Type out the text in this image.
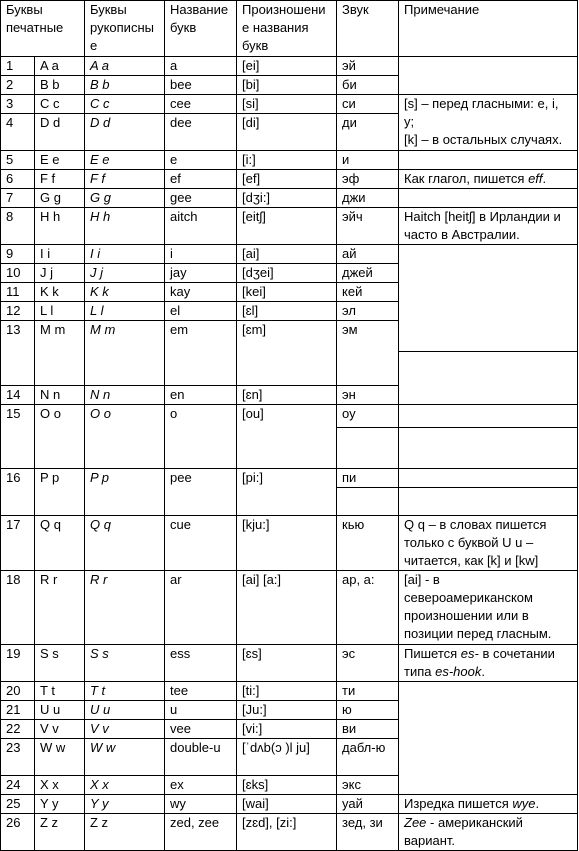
Буквы печатные		Буквы рукописные	Название букв	Произношение названия букв	Звук	Примечание
1	A a	A a	a	[ei]	эй	
2	B b	B b	bee	[bi]	би	
3	C c	C c	cee	[si]	си	[s] – перед гласными: e, i, y;
[k] – в остальных случаях.

4	D d	D d	dee	[di]	ди	
5	E e	E e	e	[i:]	и	
6	F f	F f	ef	[ef]	эф	Как глагол, пишется eff.
7	G g	G g	gee	[dʒi:]	джи	
8	H h	H h	aitch	[eitʃ]	эйч	Haitch [heitʃ] в Ирландии и часто в Австралии.
9	I i	I i	i	[ai]	ай	
10	J j	J j	jay	[dʒei]	джей	
11	K k	K k	kay	[kei]	кей	
12	L l	L l	el	[ɛl]	эл	
13	M m	M m	em	[ɛm]	эм	

14	N n	N n	en	[ɛn]	эн	
15	O o	O o	o	[ou]	оу	

16	P p	P p	pee	[pi:]	пи	

17	Q q	Q q	cue	[kju:]	кью	Q q – в словах пишется только с буквой U u – читается, как [k] и [kw]
18	R r	R r	ar	[ai] [a:]	ар, а:	[ai] - в североамериканском произношении или в позиции перед гласным.
19	S s	S s	ess	[ɛs]	эс	Пишется es- в сочетании типа es-hook.
20	T t	T t	tee	[ti:]	ти	
21	U u	U u	u	[Ju:]	ю	
22	V v	V v	vee	[vi:]	ви	
23	W w	W w	double-u	[ˈdʌb(ɔ )l ju]	дабл-ю	
24	X x	X x	ex	[ɛks]	экс	
25	Y y	Y y	wy	[wai]	уай	Изредка пишется wye.
26	Z z	Z z	zed, zee	[zɛd], [zi:]	зед, зи	Zee - американский вариант.
